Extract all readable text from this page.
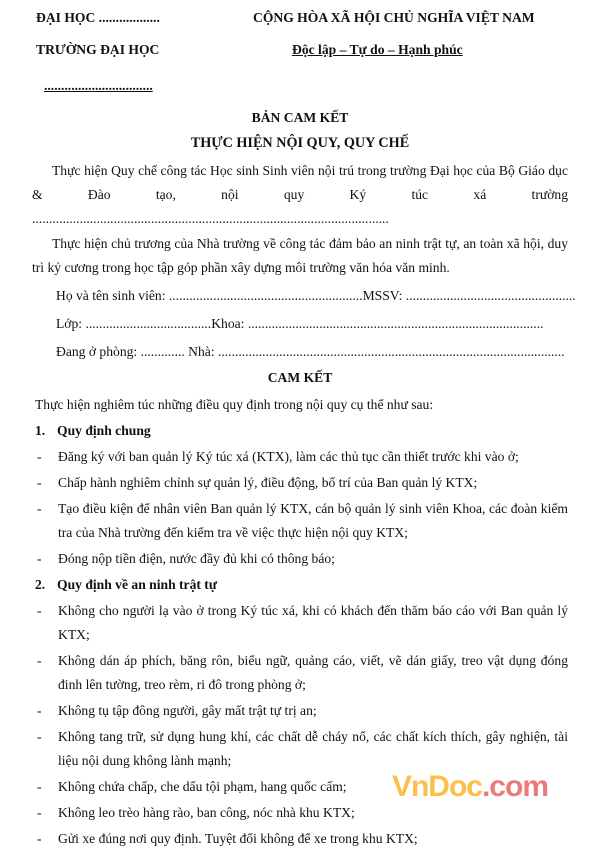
ĐẠI HỌC ..................	CỘNG HÒA XÃ HỘI CHỦ NGHĨA VIỆT NAM
TRƯỜNG ĐẠI HỌC	Độc lập – Tự do – Hạnh phúc
................................
BẢN CAM KẾT
THỰC HIỆN NỘI QUY, QUY CHẾ
Thực hiện Quy chế công tác Học sinh Sinh viên nội trú trong trường Đại học của Bộ Giáo dục & Đào tạo, nội quy Ký túc xá trường .........................................................................................................
Thực hiện chủ trương của Nhà trường về công tác đảm bảo an ninh trật tự, an toàn xã hội, duy trì kỷ cương trong học tập góp phần xây dựng môi trường văn hóa văn minh.
Họ và tên sinh viên: .........................................................MSSV: ..................................................
Lớp: .....................................Khoa: .......................................................................................
Đang ở phòng: ............. Nhà: ......................................................................................................
CAM KẾT
Thực hiện nghiêm túc những điều quy định trong nội quy cụ thể như sau:
1. Quy định chung
- Đăng ký với ban quản lý Ký túc xá (KTX), làm các thủ tục cần thiết trước khi vào ở;
- Chấp hành nghiêm chỉnh sự quản lý, điều động, bố trí của Ban quản lý KTX;
- Tạo điều kiện để nhân viên Ban quản lý KTX, cán bộ quản lý sinh viên Khoa, các đoàn kiểm tra của Nhà trường đến kiểm tra về việc thực hiện nội quy KTX;
- Đóng nộp tiền điện, nước đầy đủ khi có thông báo;
2. Quy định về an ninh trật tự
- Không cho người lạ vào ở trong Ký túc xá, khi có khách đến thăm báo cáo với Ban quản lý KTX;
- Không dán áp phích, băng rôn, biểu ngữ, quảng cáo, viết, vẽ dán giấy, treo vật dụng đóng đinh lên tường, treo rèm, ri đô trong phòng ở;
- Không tụ tập đông người, gây mất trật tự trị an;
- Không tang trữ, sử dụng hung khí, các chất dễ cháy nổ, các chất kích thích, gây nghiện, tài liệu nội dung không lành mạnh;
-	VnDoc.com
Không chứa chấp, che dấu tội phạm, hang quốc cấm;
- Không leo trèo hàng rào, ban công, nóc nhà khu KTX;
- Gửi xe đúng nơi quy định. Tuyệt đối không để xe trong khu KTX;
